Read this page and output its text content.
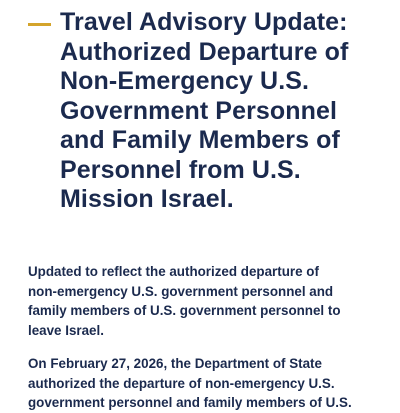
Travel Advisory Update:
Authorized Departure of
Non-Emergency U.S.
Government Personnel
and Family Members of
Personnel from U.S.
Mission Israel.

Updated to reflect the authorized departure of
non-emergency U.S. government personnel and
family members of U.S. government personnel to
leave Israel.

On February 27, 2026, the Department of State
authorized the departure of non-emergency U.S.
government personnel and family members of U.S.
